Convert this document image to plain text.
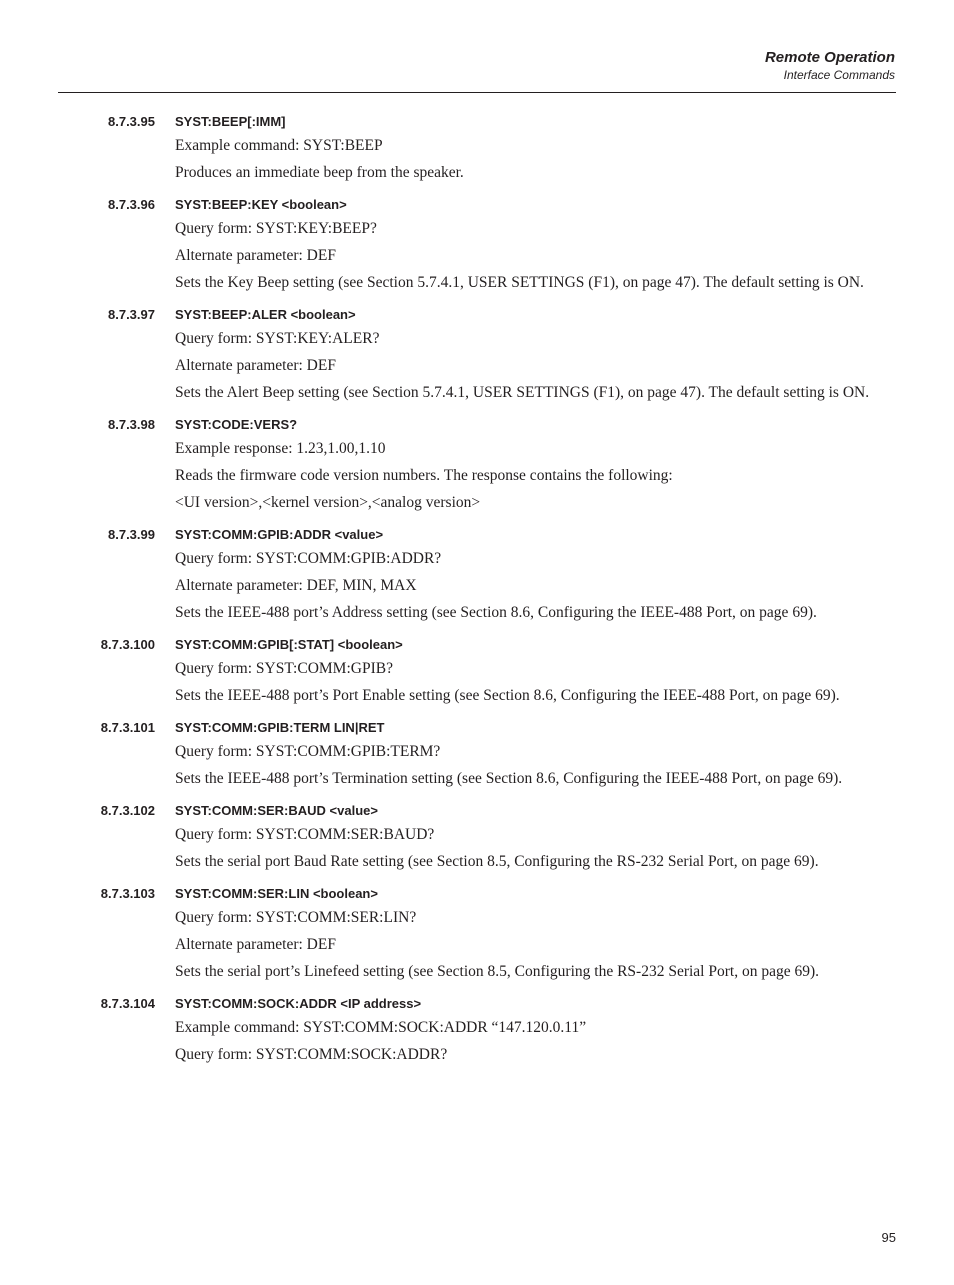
Remote Operation
Interface Commands
8.7.3.95 SYST:BEEP[:IMM]
Example command: SYST:BEEP
Produces an immediate beep from the speaker.
8.7.3.96 SYST:BEEP:KEY <boolean>
Query form: SYST:KEY:BEEP?
Alternate parameter: DEF
Sets the Key Beep setting (see Section 5.7.4.1, USER SETTINGS (F1), on page 47). The default setting is ON.
8.7.3.97 SYST:BEEP:ALER <boolean>
Query form: SYST:KEY:ALER?
Alternate parameter: DEF
Sets the Alert Beep setting (see Section 5.7.4.1, USER SETTINGS (F1), on page 47). The default setting is ON.
8.7.3.98 SYST:CODE:VERS?
Example response: 1.23,1.00,1.10
Reads the firmware code version numbers. The response contains the following:
<UI version>,<kernel version>,<analog version>
8.7.3.99 SYST:COMM:GPIB:ADDR <value>
Query form: SYST:COMM:GPIB:ADDR?
Alternate parameter: DEF, MIN, MAX
Sets the IEEE-488 port’s Address setting (see Section 8.6, Configuring the IEEE-488 Port, on page 69).
8.7.3.100 SYST:COMM:GPIB[:STAT] <boolean>
Query form: SYST:COMM:GPIB?
Sets the IEEE-488 port’s Port Enable setting (see Section 8.6, Configuring the IEEE-488 Port, on page 69).
8.7.3.101 SYST:COMM:GPIB:TERM LIN|RET
Query form: SYST:COMM:GPIB:TERM?
Sets the IEEE-488 port’s Termination setting (see Section 8.6, Configuring the IEEE-488 Port, on page 69).
8.7.3.102 SYST:COMM:SER:BAUD <value>
Query form: SYST:COMM:SER:BAUD?
Sets the serial port Baud Rate setting (see Section 8.5, Configuring the RS-232 Serial Port, on page 69).
8.7.3.103 SYST:COMM:SER:LIN <boolean>
Query form: SYST:COMM:SER:LIN?
Alternate parameter: DEF
Sets the serial port’s Linefeed setting (see Section 8.5, Configuring the RS-232 Serial Port, on page 69).
8.7.3.104 SYST:COMM:SOCK:ADDR <IP address>
Example command: SYST:COMM:SOCK:ADDR “147.120.0.11”
Query form: SYST:COMM:SOCK:ADDR?
95
